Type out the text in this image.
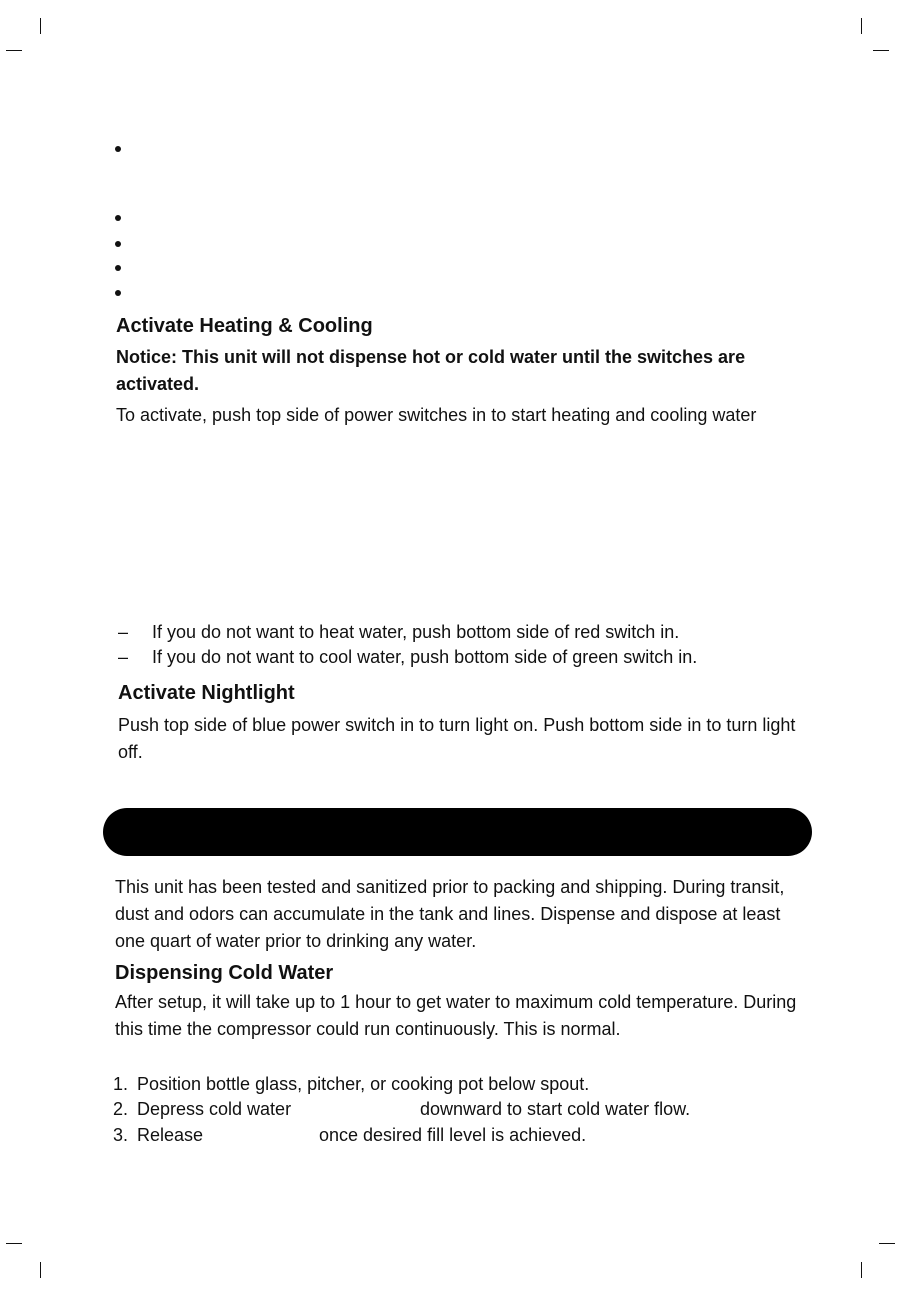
Activate Heating & Cooling
Notice: This unit will not dispense hot or cold water until the switches are activated.
To activate, push top side of power switches in to start heating and cooling water
– If you do not want to heat water, push bottom side of red switch in.
– If you do not want to cool water, push bottom side of green switch in.
Activate Nightlight
Push top side of blue power switch in to turn light on. Push bottom side in to turn light off.
This unit has been tested and sanitized prior to packing and shipping. During transit, dust and odors can accumulate in the tank and lines. Dispense and dispose at least one quart of water prior to drinking any water.
Dispensing Cold Water
After setup, it will take up to 1 hour to get water to maximum cold temperature. During this time the compressor could run continuously. This is normal.
1. Position bottle glass, pitcher, or cooking pot below spout.
2. Depress cold water	downward to start cold water flow.
3. Release	once desired fill level is achieved.
